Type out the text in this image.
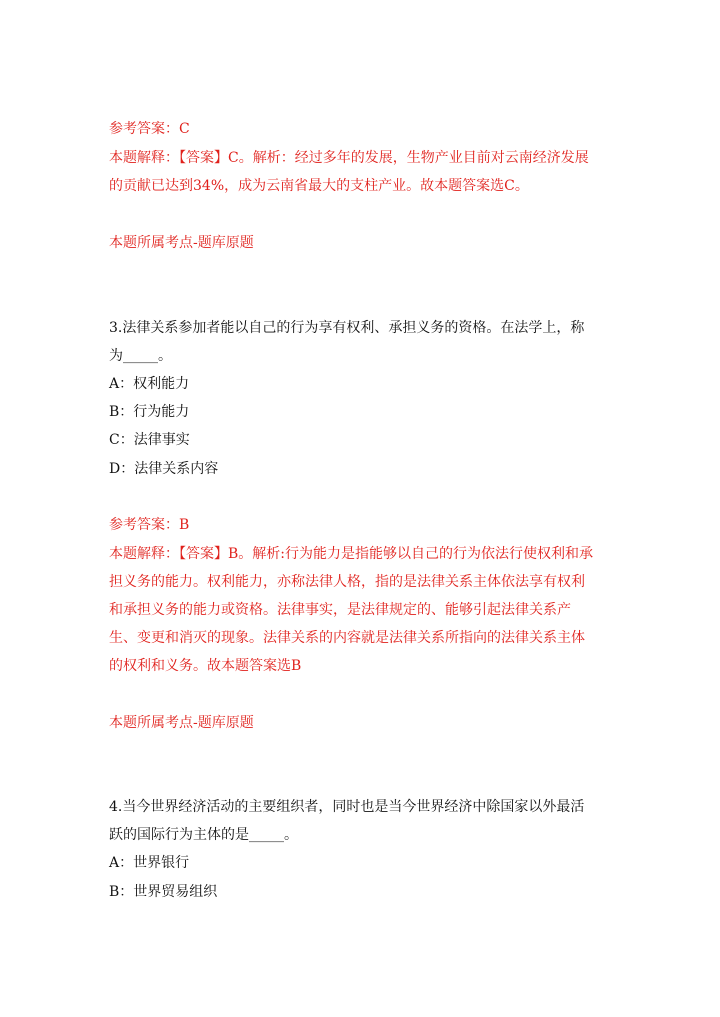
参考答案：C
本题解释：【答案】C。解析：经过多年的发展，生物产业目前对云南经济发展
的贡献已达到34%，成为云南省最大的支柱产业。故本题答案选C。
本题所属考点-题库原题
3.法律关系参加者能以自己的行为享有权利、承担义务的资格。在法学上，称
为_____。
A：权利能力
B：行为能力
C：法律事实
D：法律关系内容
参考答案：B
本题解释：【答案】B。解析:行为能力是指能够以自己的行为依法行使权利和承
担义务的能力。权利能力，亦称法律人格，指的是法律关系主体依法享有权利
和承担义务的能力或资格。法律事实，是法律规定的、能够引起法律关系产
生、变更和消灭的现象。法律关系的内容就是法律关系所指向的法律关系主体
的权利和义务。故本题答案选B
本题所属考点-题库原题
4.当今世界经济活动的主要组织者，同时也是当今世界经济中除国家以外最活
跃的国际行为主体的是_____。
A：世界银行
B：世界贸易组织
